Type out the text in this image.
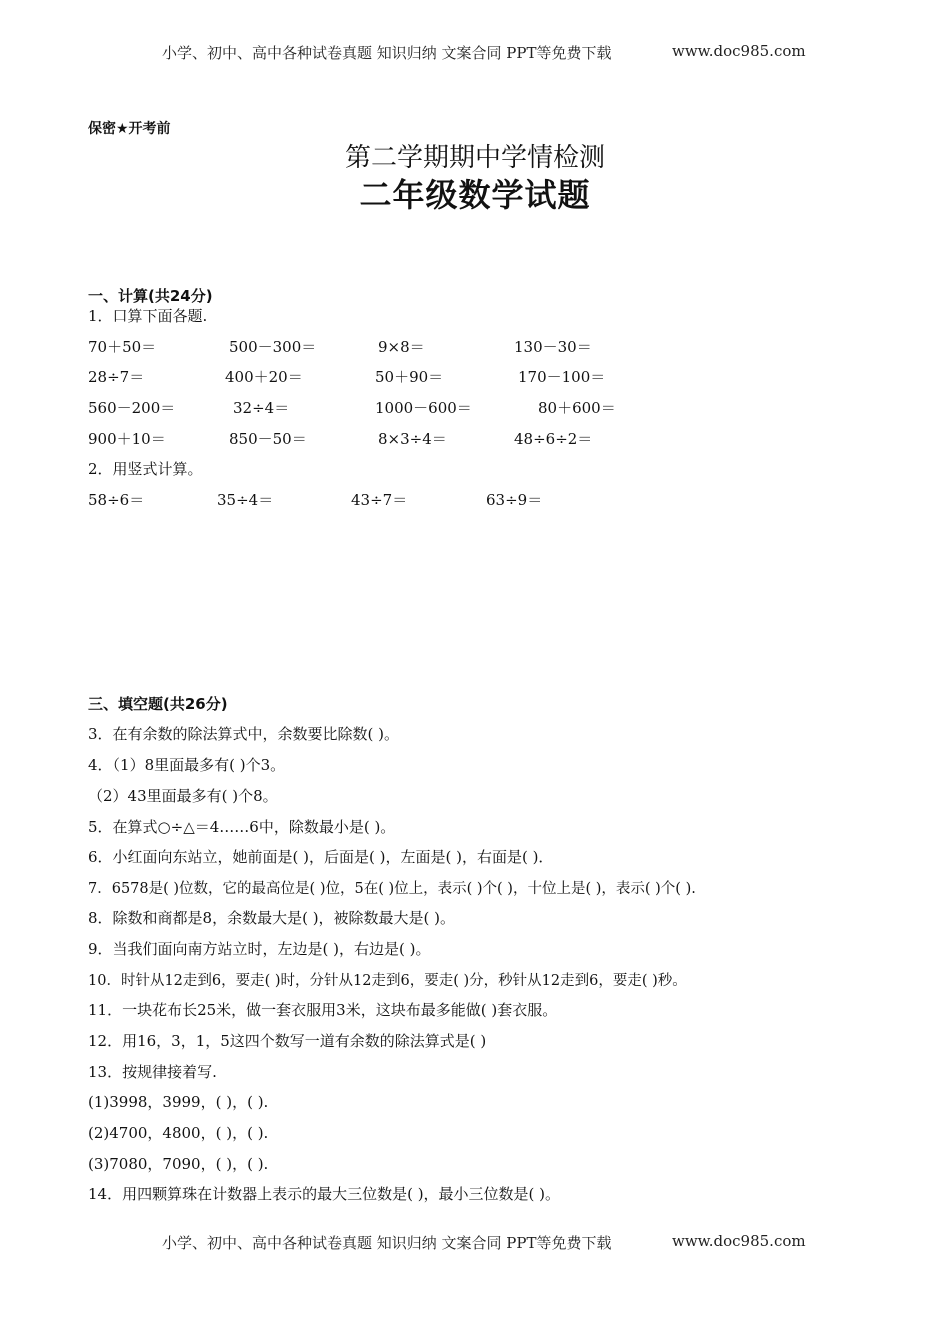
小学、初中、高中各种试卷真题 知识归纳 文案合同 PPT等免费下载	www.doc985.com
保密★开考前
第二学期期中学情检测
二年级数学试题
一、计算(共24分)
1．口算下面各题.
70＋50＝	500－300＝	9×8＝	130－30＝
28÷7＝	400＋20＝	50＋90＝	170－100＝
560－200＝	32÷4＝	1000－600＝	80＋600＝
900＋10＝	850－50＝	8×3÷4＝	48÷6÷2＝
2．用竖式计算。
58÷6＝	35÷4＝	43÷7＝	63÷9＝
三、填空题(共26分)
3．在有余数的除法算式中，余数要比除数( )。
4．（1）8里面最多有( )个3。
（2）43里面最多有( )个8。
5．在算式○÷△＝4……6中，除数最小是( )。
6．小红面向东站立，她前面是( )，后面是( )，左面是( )，右面是( )．
7．6578是( )位数，它的最高位是( )位，5在( )位上，表示( )个( )，十位上是( )，表示( )个( ).
8．除数和商都是8，余数最大是( )，被除数最大是( )。
9．当我们面向南方站立时，左边是( )，右边是( )。
10．时针从12走到6，要走( )时，分针从12走到6，要走( )分，秒针从12走到6，要走( )秒。
11．一块花布长25米，做一套衣服用3米，这块布最多能做( )套衣服。
12．用16，3，1，5这四个数写一道有余数的除法算式是( )
13．按规律接着写.
(1)3998，3999，( )，( ).
(2)4700，4800，( )，( ).
(3)7080，7090，( )，( ).
14．用四颗算珠在计数器上表示的最大三位数是( )，最小三位数是( )。
小学、初中、高中各种试卷真题 知识归纳 文案合同 PPT等免费下载	www.doc985.com
